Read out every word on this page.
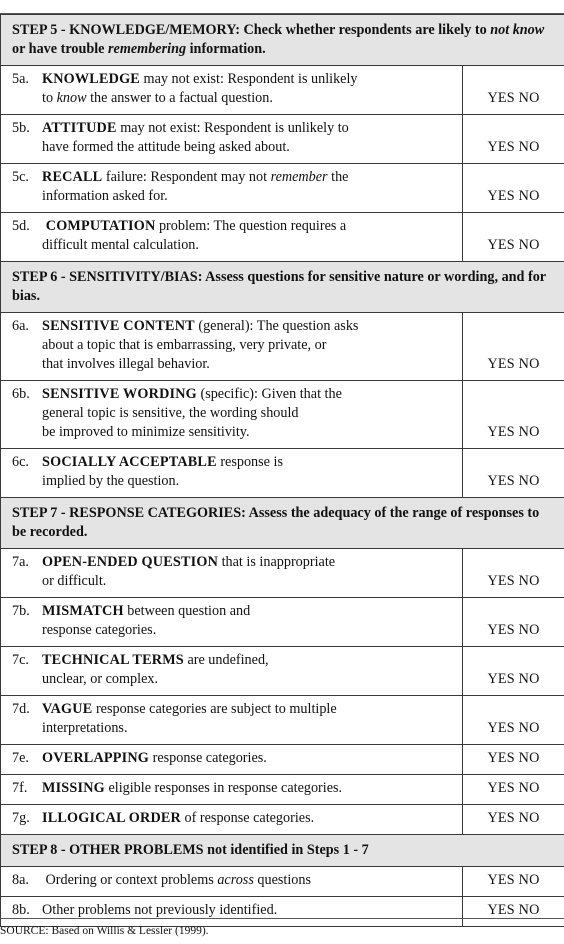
STEP 5 - KNOWLEDGE/MEMORY: Check whether respondents are likely to not know or have trouble remembering information.	

5a. KNOWLEDGE may not exist: Respondent is unlikely
to know the answer to a factual question.	YES NO

5b. ATTITUDE may not exist: Respondent is unlikely to
have formed the attitude being asked about.	YES NO

5c. RECALL failure: Respondent may not remember the
information asked for.	YES NO

5d. COMPUTATION problem: The question requires a
difficult mental calculation.	YES NO
STEP 6 - SENSITIVITY/BIAS: Assess questions for sensitive nature or wording, and for bias.	

6a. SENSITIVE CONTENT (general): The question asks
about a topic that is embarrassing, very private, or
that involves illegal behavior.	YES NO

6b. SENSITIVE WORDING (specific): Given that the
general topic is sensitive, the wording should
be improved to minimize sensitivity.	YES NO

6c. SOCIALLY ACCEPTABLE response is
implied by the question.	YES NO
STEP 7 - RESPONSE CATEGORIES: Assess the adequacy of the range of responses to be recorded.	

7a. OPEN-ENDED QUESTION that is inappropriate
or difficult.	YES NO

7b. MISMATCH between question and
response categories.	YES NO

7c. TECHNICAL TERMS are undefined,
unclear, or complex.	YES NO

7d. VAGUE response categories are subject to multiple
interpretations.	YES NO

7e. OVERLAPPING response categories.	YES NO

7f. MISSING eligible responses in response categories.	YES NO

7g. ILLOGICAL ORDER of response categories.	YES NO
STEP 8 - OTHER PROBLEMS not identified in Steps 1 - 7	

8a. Ordering or context problems across questions	YES NO

8b. Other problems not previously identified.	YES NO
SOURCE: Based on Willis & Lessler (1999).
